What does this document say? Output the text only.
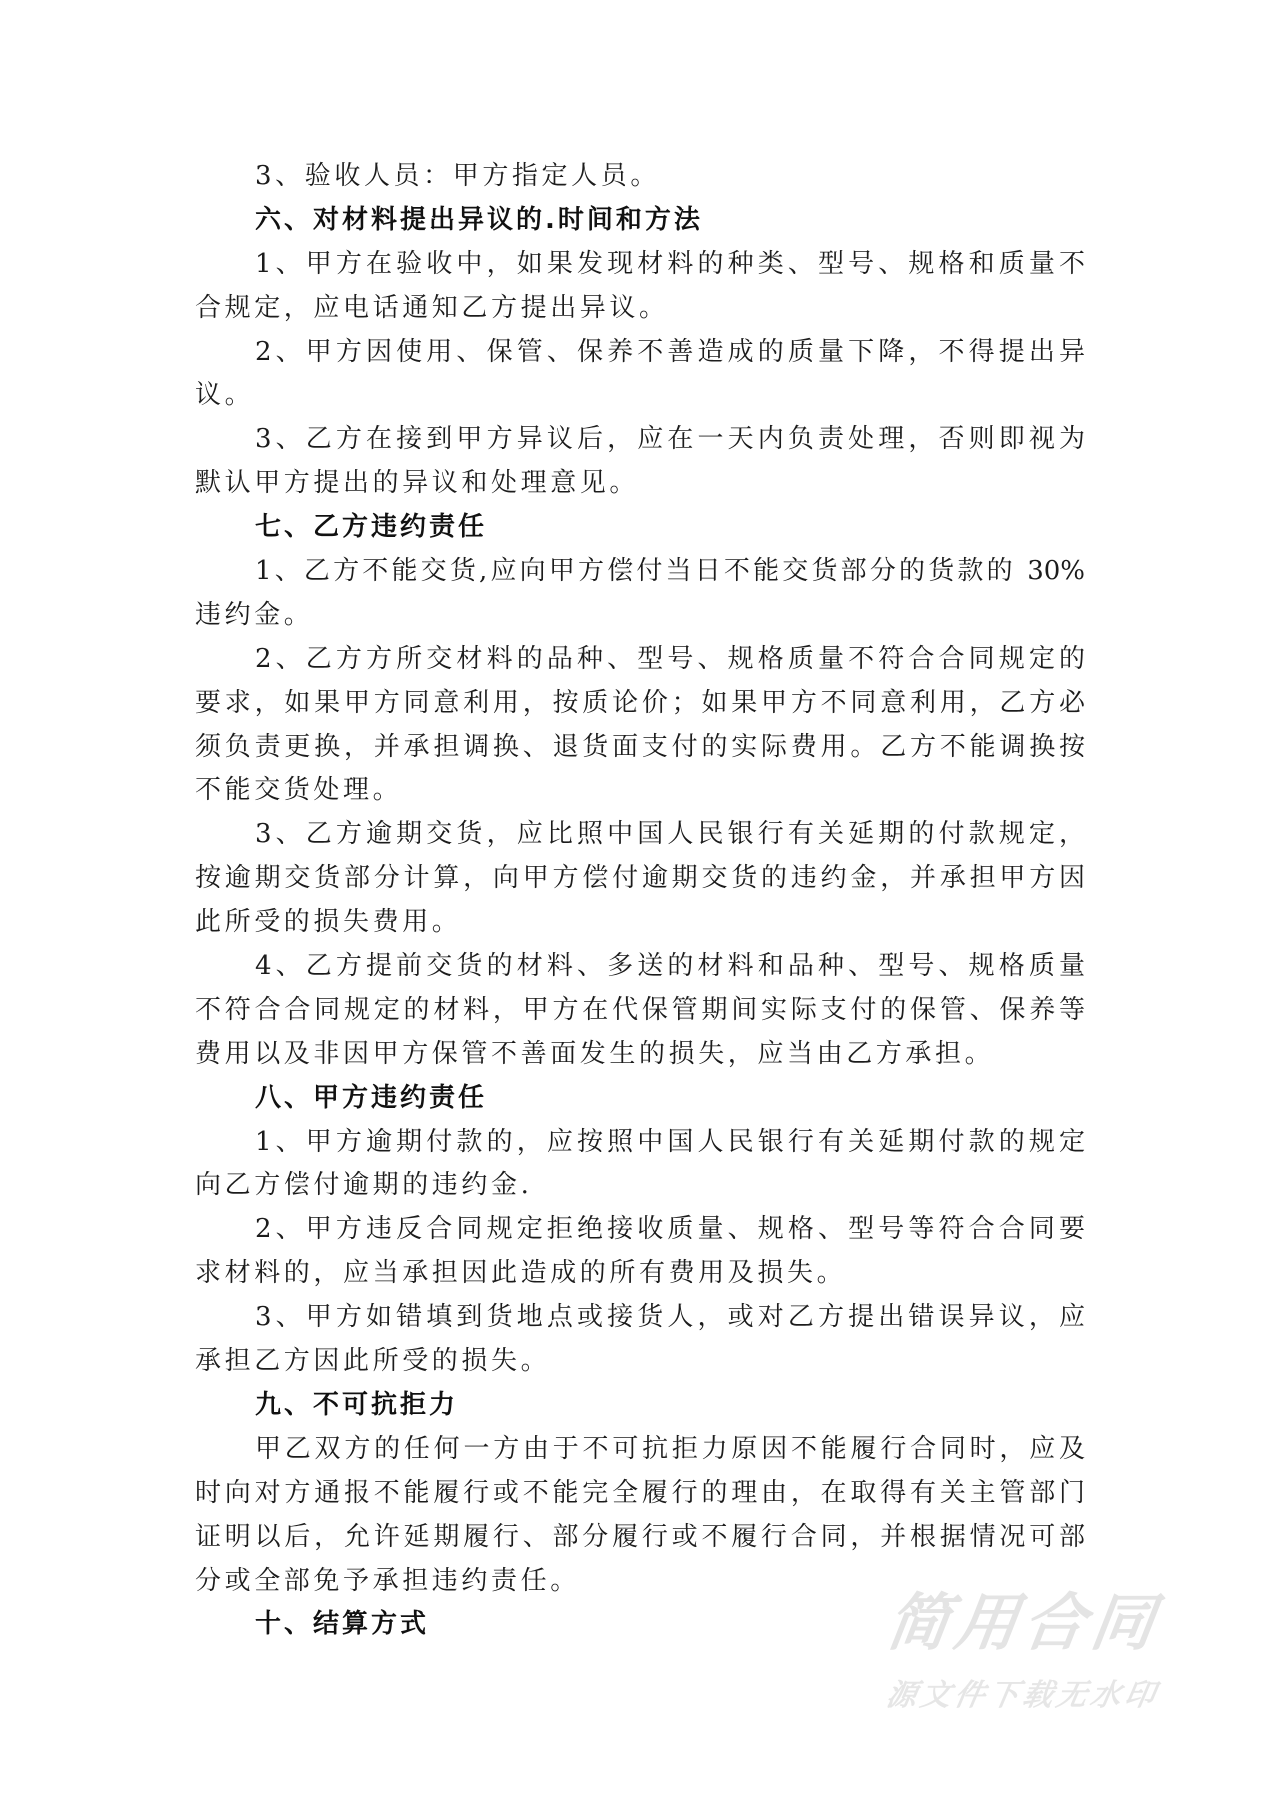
3、验收人员：甲方指定人员。
六、对材料提出异议的.时间和方法
1、甲方在验收中，如果发现材料的种类、型号、规格和质量不
合规定，应电话通知乙方提出异议。
2、甲方因使用、保管、保养不善造成的质量下降，不得提出异
议。
3、乙方在接到甲方异议后，应在一天内负责处理，否则即视为
默认甲方提出的异议和处理意见。
七、乙方违约责任
1、乙方不能交货,应向甲方偿付当日不能交货部分的货款的 30%
违约金。
2、乙方方所交材料的品种、型号、规格质量不符合合同规定的
要求，如果甲方同意利用，按质论价；如果甲方不同意利用，乙方必
须负责更换，并承担调换、退货面支付的实际费用。乙方不能调换按
不能交货处理。
3、乙方逾期交货，应比照中国人民银行有关延期的付款规定，
按逾期交货部分计算，向甲方偿付逾期交货的违约金，并承担甲方因
此所受的损失费用。
4、乙方提前交货的材料、多送的材料和品种、型号、规格质量
不符合合同规定的材料，甲方在代保管期间实际支付的保管、保养等
费用以及非因甲方保管不善面发生的损失，应当由乙方承担。
八、甲方违约责任
1、甲方逾期付款的，应按照中国人民银行有关延期付款的规定
向乙方偿付逾期的违约金.
2、甲方违反合同规定拒绝接收质量、规格、型号等符合合同要
求材料的，应当承担因此造成的所有费用及损失。
3、甲方如错填到货地点或接货人，或对乙方提出错误异议，应
承担乙方因此所受的损失。
九、不可抗拒力
甲乙双方的任何一方由于不可抗拒力原因不能履行合同时，应及
时向对方通报不能履行或不能完全履行的理由，在取得有关主管部门
证明以后，允许延期履行、部分履行或不履行合同，并根据情况可部
分或全部免予承担违约责任。
十、结算方式	简用合同
源文件下载无水印
